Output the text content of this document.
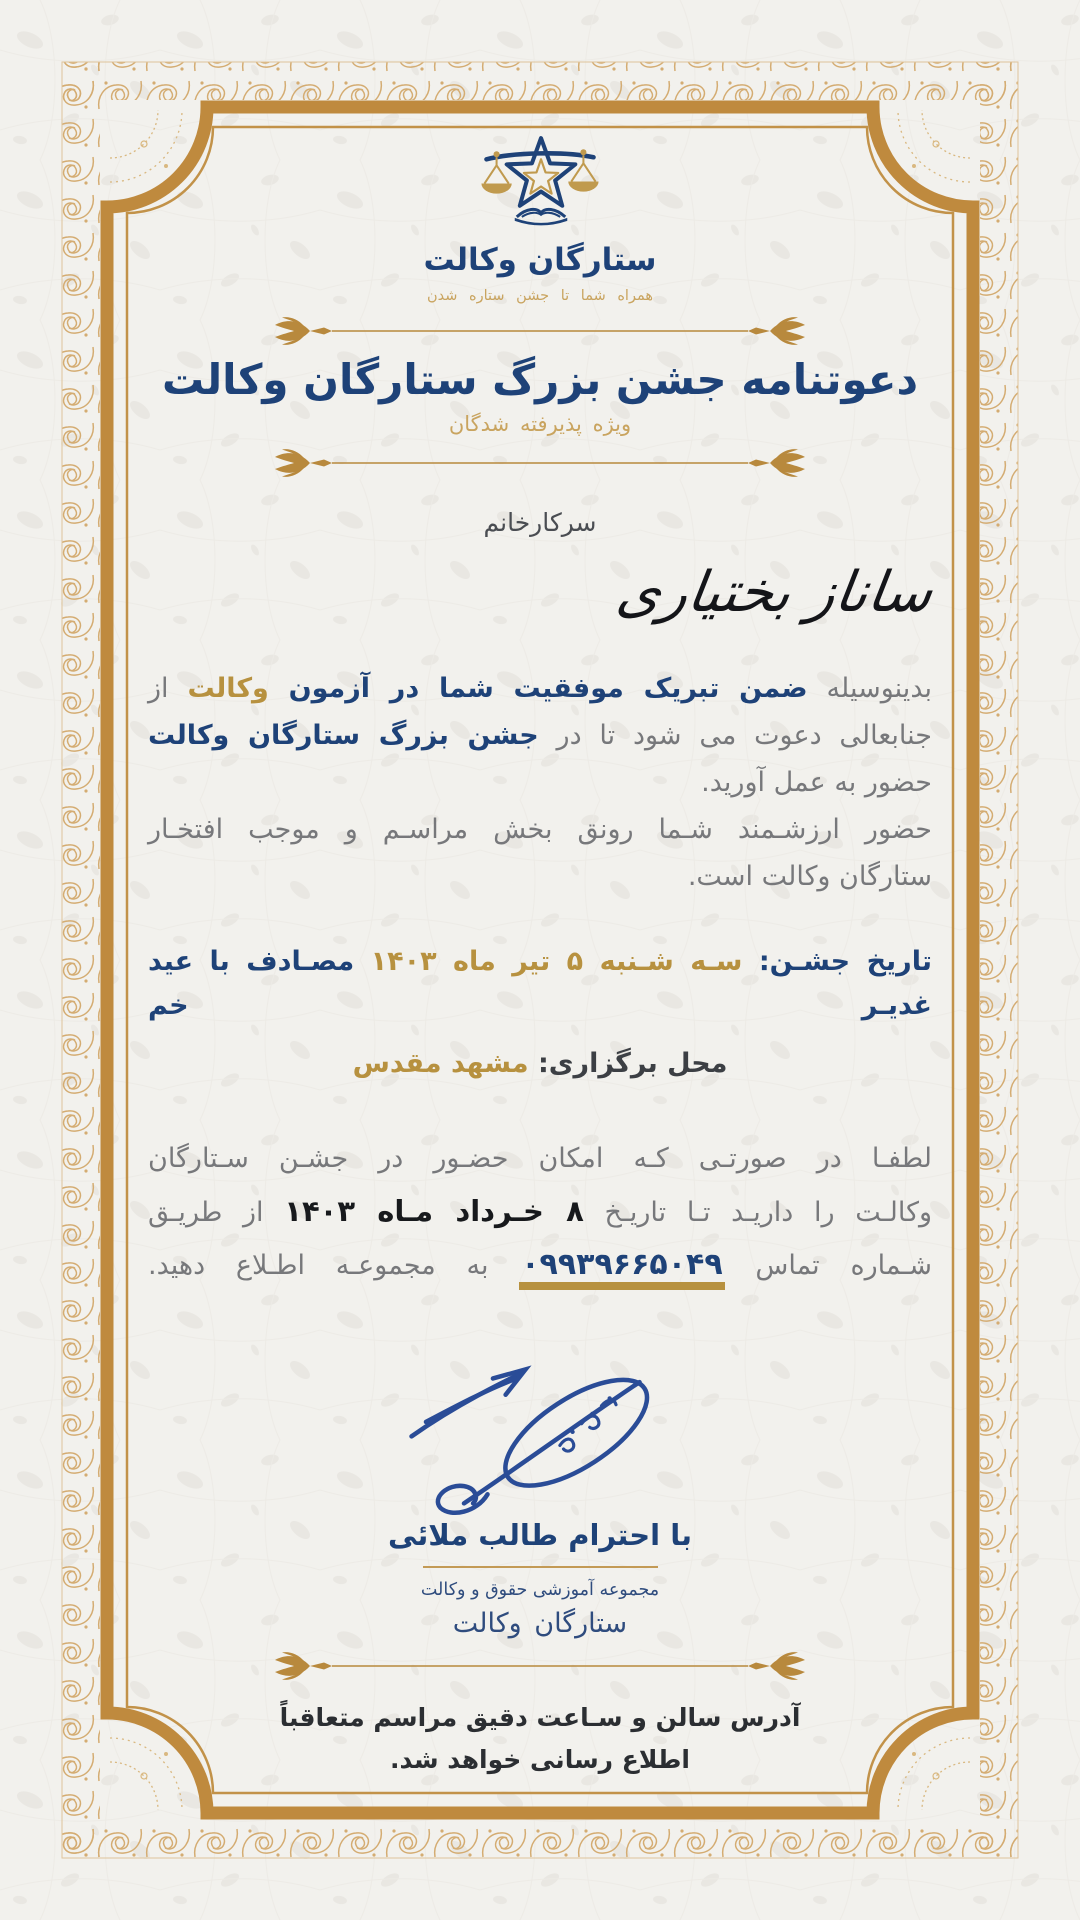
ستارگان وکالت
همراه شما تا جشن ستاره شدن
دعوتنامه جشن بزرگ ستارگان وکالت
ویژه پذیرفته شدگان
سرکارخانم
ساناز بختیاری
بدینوسیله ضمن تبریک موفقیت شما در آزمون وکالت از
جنابعالی دعوت می شود تا در جشن بزرگ ستارگان وکالت
حضور به عمل آورید.
حضور ارزشـمند شـما رونق بخش مراسـم و موجب افتخـار
ستارگان وکالت است.
تاریخ جشـن: سـه شـنبه ۵ تیر ماه ۱۴۰۳ مصـادف با عید غدیـر خم
محل برگزاری: مشهد مقدس
لطفـا در صورتـی کـه امکان حضـور در جشـن سـتارگان
وکالـت را داریـد تـا تاریـخ ۸ خـرداد مـاه ۱۴۰۳ از طریـق
شـماره تماس ۰۹۹۳۹۶۶۵۰۴۹ به مجموعـه اطـلاع دهید.
با احترام طالب ملائی
مجموعه آموزشی حقوق و وکالت
ستارگان وکالت
آدرس سالن و سـاعت دقیق مراسم متعاقباً
اطلاع رسانی خواهد شد.
